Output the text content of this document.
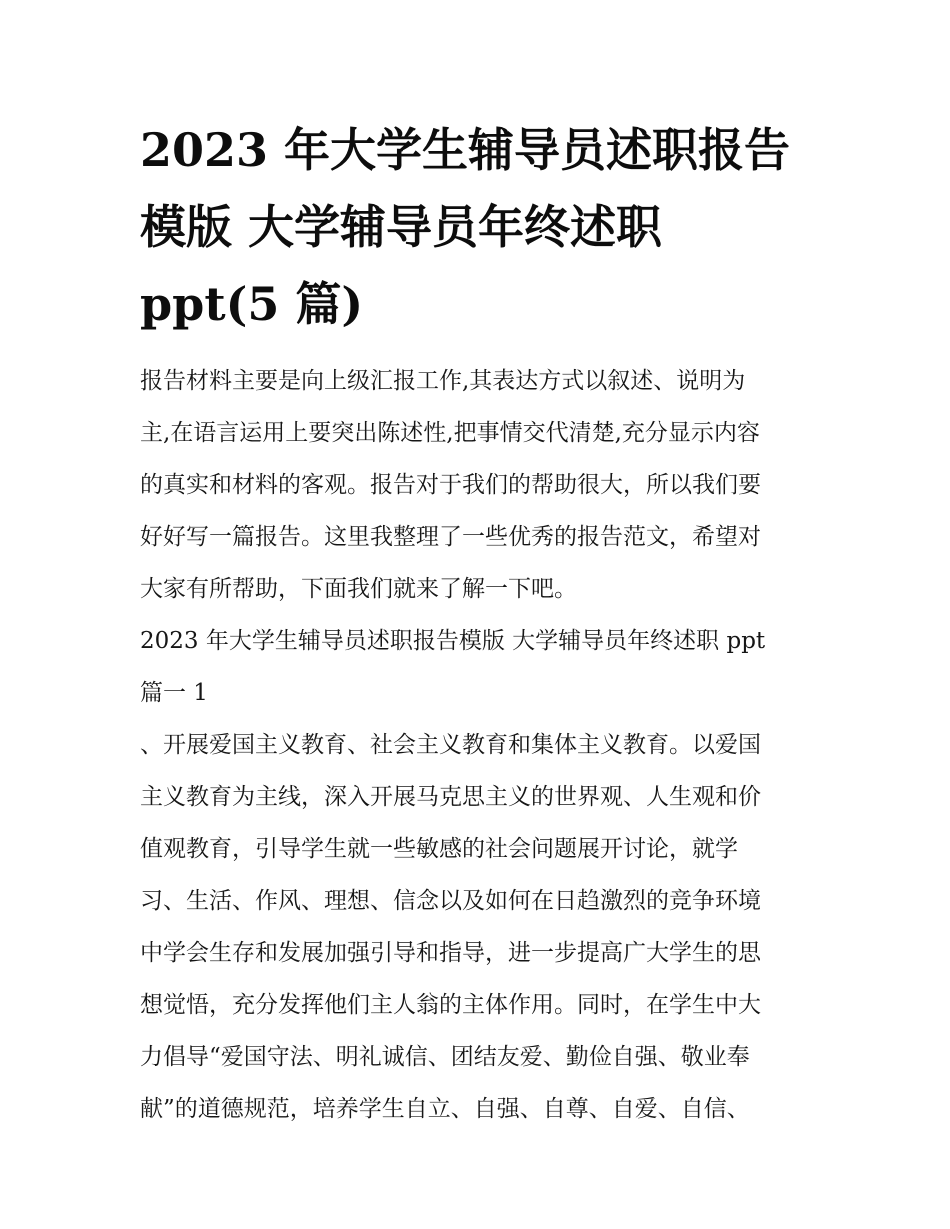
2023 年大学生辅导员述职报告
模版 大学辅导员年终述职
ppt(5 篇)
报告材料主要是向上级汇报工作,其表达方式以叙述、说明为
主,在语言运用上要突出陈述性,把事情交代清楚,充分显示内容
的真实和材料的客观。报告对于我们的帮助很大，所以我们要
好好写一篇报告。这里我整理了一些优秀的报告范文，希望对
大家有所帮助，下面我们就来了解一下吧。
2023 年大学生辅导员述职报告模版 大学辅导员年终述职 ppt
篇一 1
、开展爱国主义教育、社会主义教育和集体主义教育。以爱国
主义教育为主线，深入开展马克思主义的世界观、人生观和价
值观教育，引导学生就一些敏感的社会问题展开讨论，就学
习、生活、作风、理想、信念以及如何在日趋激烈的竞争环境
中学会生存和发展加强引导和指导，进一步提高广大学生的思
想觉悟，充分发挥他们主人翁的主体作用。同时，在学生中大
力倡导“爱国守法、明礼诚信、团结友爱、勤俭自强、敬业奉
献”的道德规范，培养学生自立、自强、自尊、自爱、自信、
